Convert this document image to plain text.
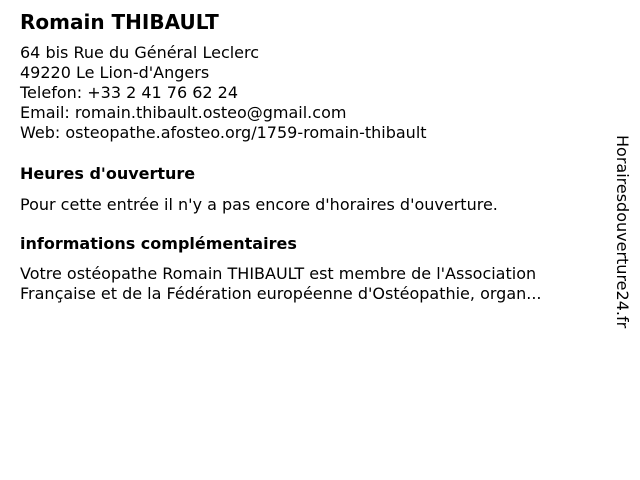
Romain THIBAULT
64 bis Rue du Général Leclerc
49220 Le Lion-d'Angers
Telefon: +33 2 41 76 62 24
Email: romain.thibault.osteo@gmail.com
Web: osteopathe.afosteo.org/1759-romain-thibault
Heures d'ouverture
Pour cette entrée il n'y a pas encore d'horaires d'ouverture.
informations complémentaires
Votre ostéopathe Romain THIBAULT est membre de l'Association
Française et de la Fédération européenne d'Ostéopathie, organ...	Horairesdouverture24.fr
